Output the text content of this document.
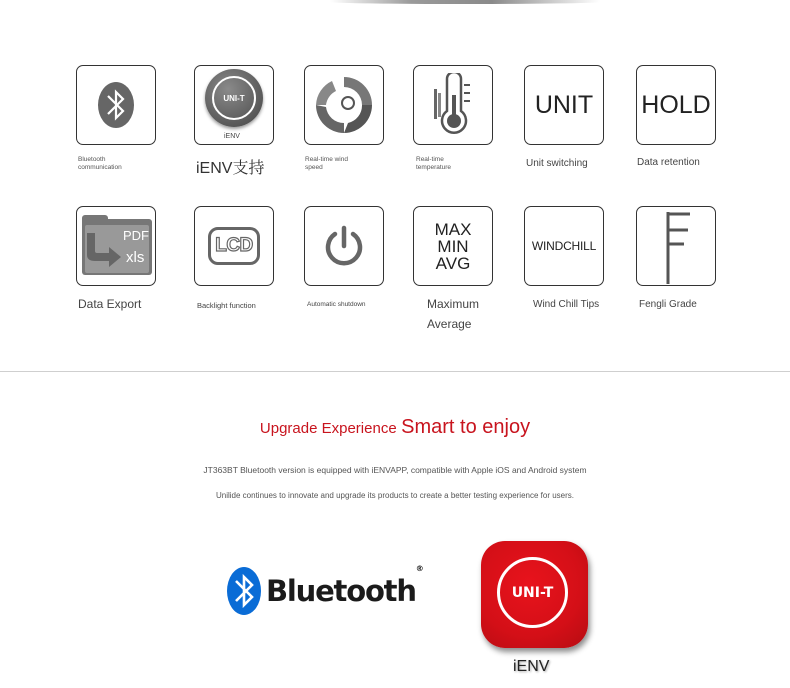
Bluetooth
communication
UNI-T
iENV
iENV支持
Real-time wind
speed
Real-time
temperature
UNIT
Unit switching
HOLD
Data retention
PDF
xls
Data Export
LCD
Backlight function	Automatic shutdown
MAX
MIN
AVG
Maximum
Average
WINDCHILL
Wind Chill Tips	Fengli Grade
Upgrade Experience Smart to enjoy
JT363BT Bluetooth version is equipped with iENVAPP, compatible with Apple iOS and Android system
Unilide continues to innovate and upgrade its products to create a better testing experience for users.
Bluetooth®
UNI-T
iENV
